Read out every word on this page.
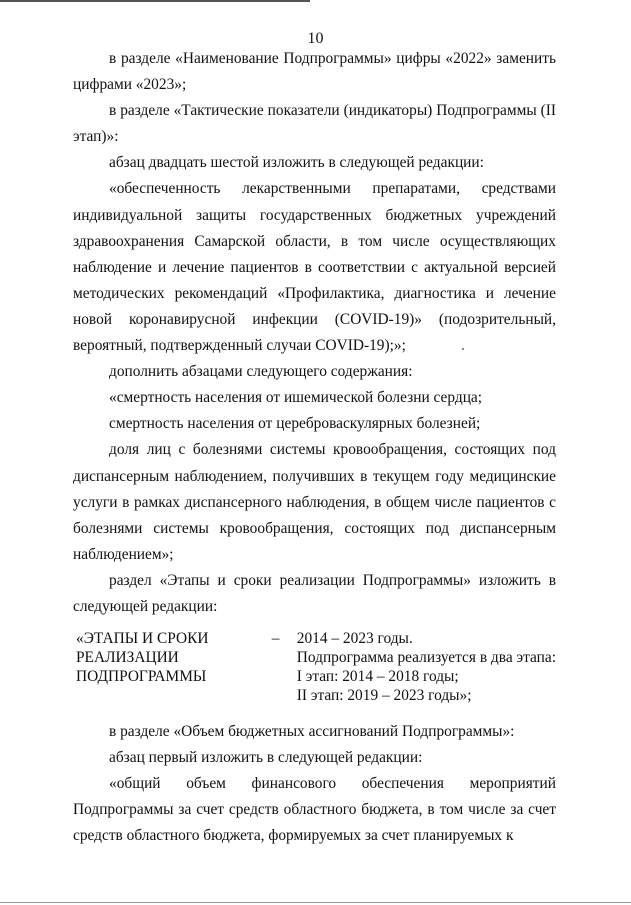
10

в разделе «Наименование Подпрограммы» цифры «2022» заменить цифрами «2023»;

в разделе «Тактические показатели (индикаторы) Подпрограммы (II этап)»:

абзац двадцать шестой изложить в следующей редакции:

«обеспеченность лекарственными препаратами, средствами индивидуальной защиты государственных бюджетных учреждений здравоохранения Самарской области, в том числе осуществляющих наблюдение и лечение пациентов в соответствии с актуальной версией методических рекомендаций «Профилактика, диагностика и лечение новой коронавирусной инфекции (COVID-19)» (подозрительный, вероятный, подтвержденный случаи COVID-19);»;

дополнить абзацами следующего содержания:

«смертность населения от ишемической болезни сердца;

смертность населения от цереброваскулярных болезней;

доля лиц с болезнями системы кровообращения, состоящих под диспансерным наблюдением, получивших в текущем году медицинские услуги в рамках диспансерного наблюдения, в общем числе пациентов с болезнями системы кровообращения, состоящих под диспансерным наблюдением»;

раздел «Этапы и сроки реализации Подпрограммы» изложить в следующей редакции:

«ЭТАПЫ И СРОКИ
РЕАЛИЗАЦИИ
ПОДПРОГРАММЫ
– 2014 – 2023 годы.
Подпрограмма реализуется в два этапа:
I этап: 2014 – 2018 годы;
II этап: 2019 – 2023 годы»;

в разделе «Объем бюджетных ассигнований Подпрограммы»:

абзац первый изложить в следующей редакции:

«общий объем финансового обеспечения мероприятий Подпрограммы за счет средств областного бюджета, в том числе за счет средств областного бюджета, формируемых за счет планируемых к
